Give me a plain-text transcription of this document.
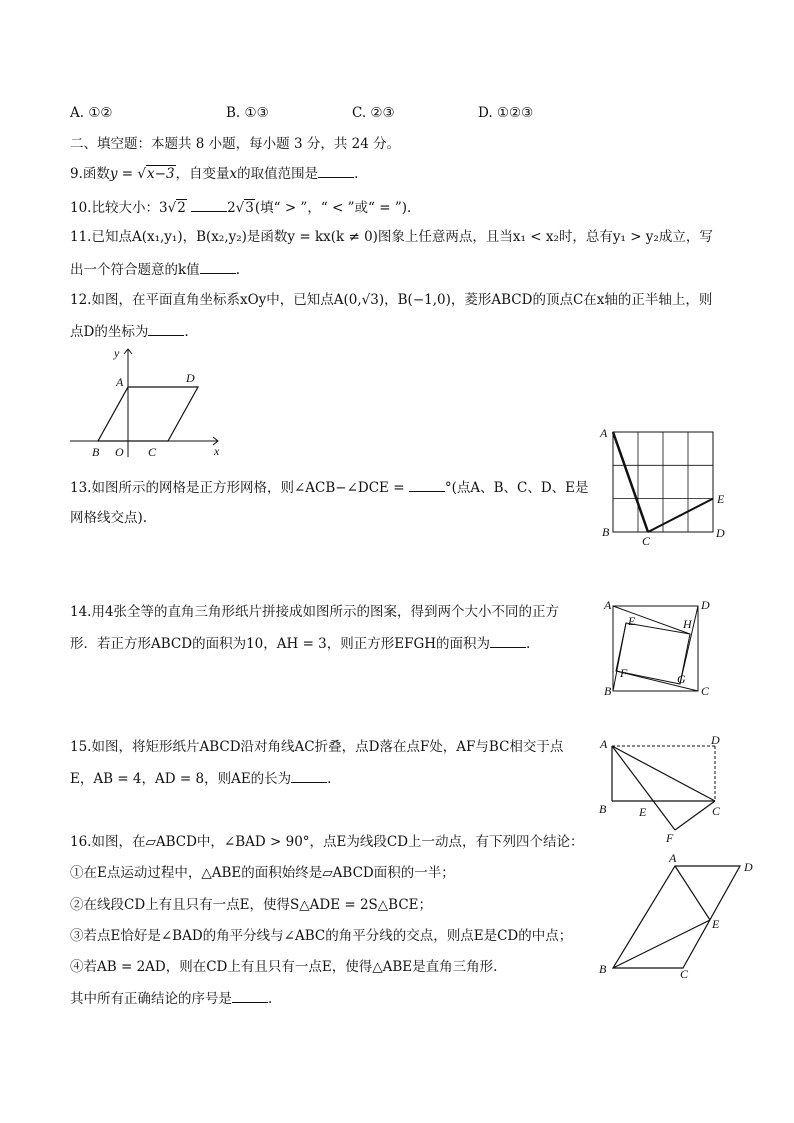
A. ①②	B. ①③	C. ②③	D. ①②③
二、填空题：本题共 8 小题，每小题 3 分，共 24 分。
9.函数y = √x−3，自变量x的取值范围是	.
10.比较大小：3√2	2√3(填“ > ”，“ < ”或“ = ”).
11.已知点A(x₁,y₁)，B(x₂,y₂)是函数y = kx(k ≠ 0)图象上任意两点，且当x₁ < x₂时，总有y₁ > y₂成立，写
出一个符合题意的k值	.
12.如图，在平面直角坐标系xOy中，已知点A(0,√3)，B(−1,0)，菱形ABCD的顶点C在x轴的正半轴上，则
点D的坐标为	.
y
x
A	D
B O C
13.如图所示的网格是正方形网格，则∠ACB−∠DCE =	°(点A、B、C、D、E是
网格线交点).
A
B
C
D
E
14.用4张全等的直角三角形纸片拼接成如图所示的图案，得到两个大小不同的正方
形．若正方形ABCD的面积为10，AH = 3，则正方形EFGH的面积为	.
A	D
B	C
E	H
F	G
15.如图，将矩形纸片ABCD沿对角线AC折叠，点D落在点F处，AF与BC相交于点
E，AB = 4，AD = 8，则AE的长为	.
A	D
B	E	C
F
16.如图，在▱ABCD中，∠BAD > 90°，点E为线段CD上一动点，有下列四个结论：
①在E点运动过程中，△ABE的面积始终是▱ABCD面积的一半；
②在线段CD上有且只有一点E，使得S△ADE = 2S△BCE；
③若点E恰好是∠BAD的角平分线与∠ABC的角平分线的交点，则点E是CD的中点；
④若AB = 2AD，则在CD上有且只有一点E，使得△ABE是直角三角形.
其中所有正确结论的序号是	.
A
D
B	C
E
